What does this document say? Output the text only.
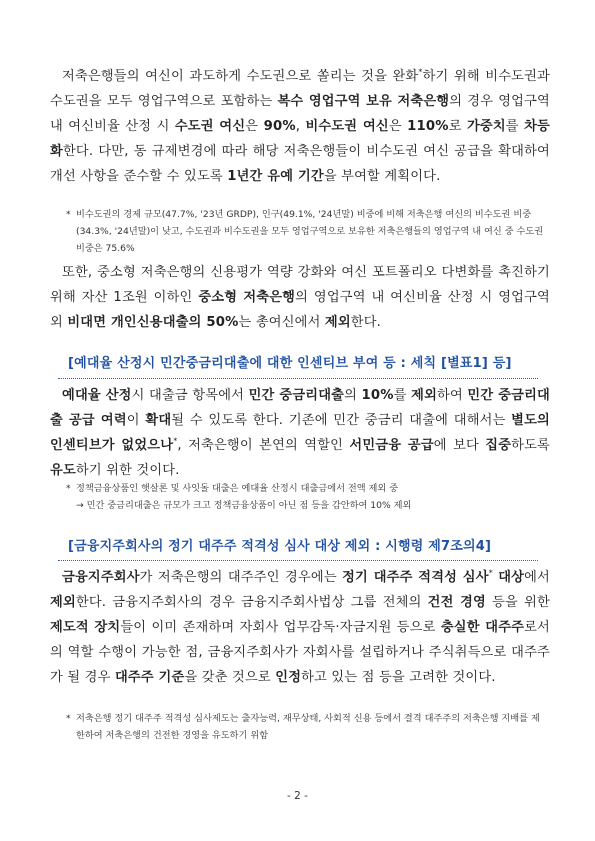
저축은행들의 여신이 과도하게 수도권으로 쏠리는 것을 완화*하기 위해 비수도권과 수도권을 모두 영업구역으로 포함하는 복수 영업구역 보유 저축은행의 경우 영업구역 내 여신비율 산정 시 수도권 여신은 90%, 비수도권 여신은 110%로 가중치를 차등화한다. 다만, 동 규제변경에 따라 해당 저축은행들이 비수도권 여신 공급을 확대하여 개선 사항을 준수할 수 있도록 1년간 유예 기간을 부여할 계획이다.

* 비수도권의 경제 규모(47.7%, '23년 GRDP), 인구(49.1%, '24년말) 비중에 비해 저축은행 여신의 비수도권 비중(34.3%, '24년말)이 낮고, 수도권과 비수도권을 모두 영업구역으로 보유한 저축은행들의 영업구역 내 여신 중 수도권 비중은 75.6%

또한, 중소형 저축은행의 신용평가 역량 강화와 여신 포트폴리오 다변화를 촉진하기 위해 자산 1조원 이하인 중소형 저축은행의 영업구역 내 여신비율 산정 시 영업구역 외 비대면 개인신용대출의 50%는 총여신에서 제외한다.

[예대율 산정시 민간중금리대출에 대한 인센티브 부여 등 : 세칙 [별표1] 등]

예대율 산정시 대출금 항목에서 민간 중금리대출의 10%를 제외하여 민간 중금리대출 공급 여력이 확대될 수 있도록 한다. 기존에 민간 중금리 대출에 대해서는 별도의 인센티브가 없었으나*, 저축은행이 본연의 역할인 서민금융 공급에 보다 집중하도록 유도하기 위한 것이다.

* 정책금융상품인 햇살론 및 사잇돌 대출은 예대율 산정시 대출금에서 전액 제외 중
→ 민간 중금리대출은 규모가 크고 정책금융상품이 아닌 점 등을 감안하여 10% 제외
[금융지주회사의 정기 대주주 적격성 심사 대상 제외 : 시행령 제7조의4]

금융지주회사가 저축은행의 대주주인 경우에는 정기 대주주 적격성 심사* 대상에서 제외한다. 금융지주회사의 경우 금융지주회사법상 그룹 전체의 건전 경영 등을 위한 제도적 장치들이 이미 존재하며 자회사 업무감독·자금지원 등으로 충실한 대주주로서의 역할 수행이 가능한 점, 금융지주회사가 자회사를 설립하거나 주식취득으로 대주주가 될 경우 대주주 기준을 갖춘 것으로 인정하고 있는 점 등을 고려한 것이다.

* 저축은행 정기 대주주 적격성 심사제도는 출자능력, 재무상태, 사회적 신용 등에서 결격 대주주의 저축은행 지배를 제한하여 저축은행의 건전한 경영을 유도하기 위함
- 2 -
